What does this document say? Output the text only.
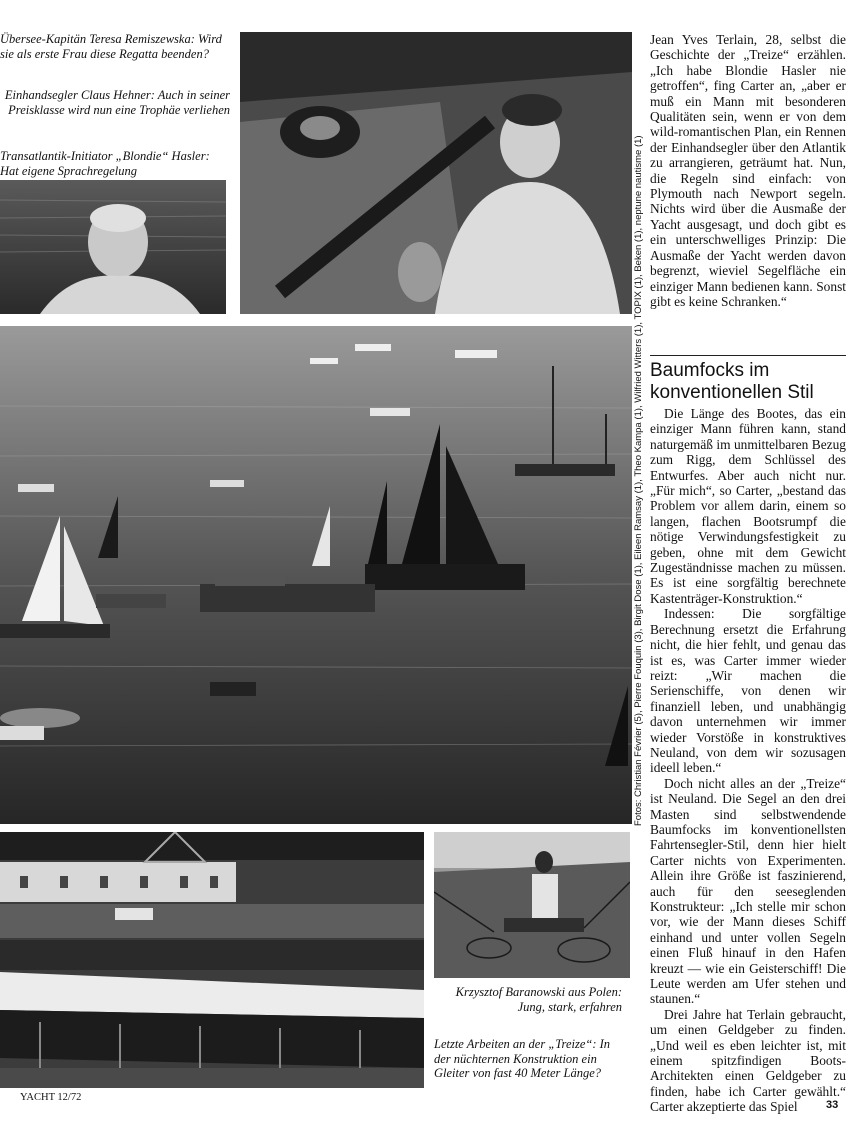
Übersee-Kapitän Teresa Remiszewska: Wird sie als erste Frau diese Regatta beenden?
Einhandsegler Claus Hehner: Auch in seiner Preisklasse wird nun eine Trophäe verliehen
Transatlantik-Initiator „Blondie“ Hasler: Hat eigene Sprachregelung	Fotos: Christian Février (5), Pierre Fouquin (3), Birgit Dose (1), Eileen Ramsay (1), Theo Kampa (1), Wilfried Witters (1), TOPIX (1), Beken (1), neptune nautisme (1)
Krzysztof Baranowski aus Polen: Jung, stark, erfahren
Letzte Arbeiten an der „Treize“: In der nüchternen Konstruktion ein Gleiter von fast 40 Meter Länge?

Jean Yves Terlain, 28, selbst die Geschichte der „Treize“ erzählen. „Ich habe Blondie Hasler nie getroffen“, fing Carter an, „aber er muß ein Mann mit besonderen Qualitäten sein, wenn er von dem wild-romantischen Plan, ein Rennen der Einhandsegler über den Atlantik zu arrangieren, geträumt hat. Nun, die Regeln sind einfach: von Plymouth nach Newport segeln. Nichts wird über die Ausmaße der Yacht ausgesagt, und doch gibt es ein unterschwelliges Prinzip: Die Ausmaße der Yacht werden davon begrenzt, wieviel Segelfläche ein einziger Mann bedienen kann. Sonst gibt es keine Schranken.“

Baumfocks im konventionellen Stil

Die Länge des Bootes, das ein einziger Mann führen kann, stand naturgemäß im unmittelbaren Bezug zum Rigg, dem Schlüssel des Entwurfes. Aber auch nicht nur. „Für mich“, so Carter, „bestand das Problem vor allem darin, einem so langen, flachen Bootsrumpf die nötige Verwindungsfestigkeit zu geben, ohne mit dem Gewicht Zugeständnisse machen zu müssen. Es ist eine sorgfältig berechnete Kastenträger-Konstruktion.“

Indessen: Die sorgfältige Berechnung ersetzt die Erfahrung nicht, die hier fehlt, und genau das ist es, was Carter immer wieder reizt: „Wir machen die Serienschiffe, von denen wir finanziell leben, und unabhängig davon unternehmen wir immer wieder Vorstöße in konstruktives Neuland, von dem wir sozusagen ideell leben.“

Doch nicht alles an der „Treize“ ist Neuland. Die Segel an den drei Masten sind selbstwendende Baumfocks im konventionellsten Fahrtensegler-Stil, denn hier hielt Carter nichts von Experimenten. Allein ihre Größe ist faszinierend, auch für den seeseglenden Konstrukteur: „Ich stelle mir schon vor, wie der Mann dieses Schiff einhand und unter vollen Segeln einen Fluß hinauf in den Hafen kreuzt — wie ein Geisterschiff! Die Leute werden am Ufer stehen und staunen.“

Drei Jahre hat Terlain gebraucht, um einen Geldgeber zu finden. „Und weil es eben leichter ist, mit einem spitzfindigen Boots-Architekten einen Geldgeber zu finden, habe ich Carter gewählt.“ Carter akzeptierte das Spiel

YACHT 12/72
33
